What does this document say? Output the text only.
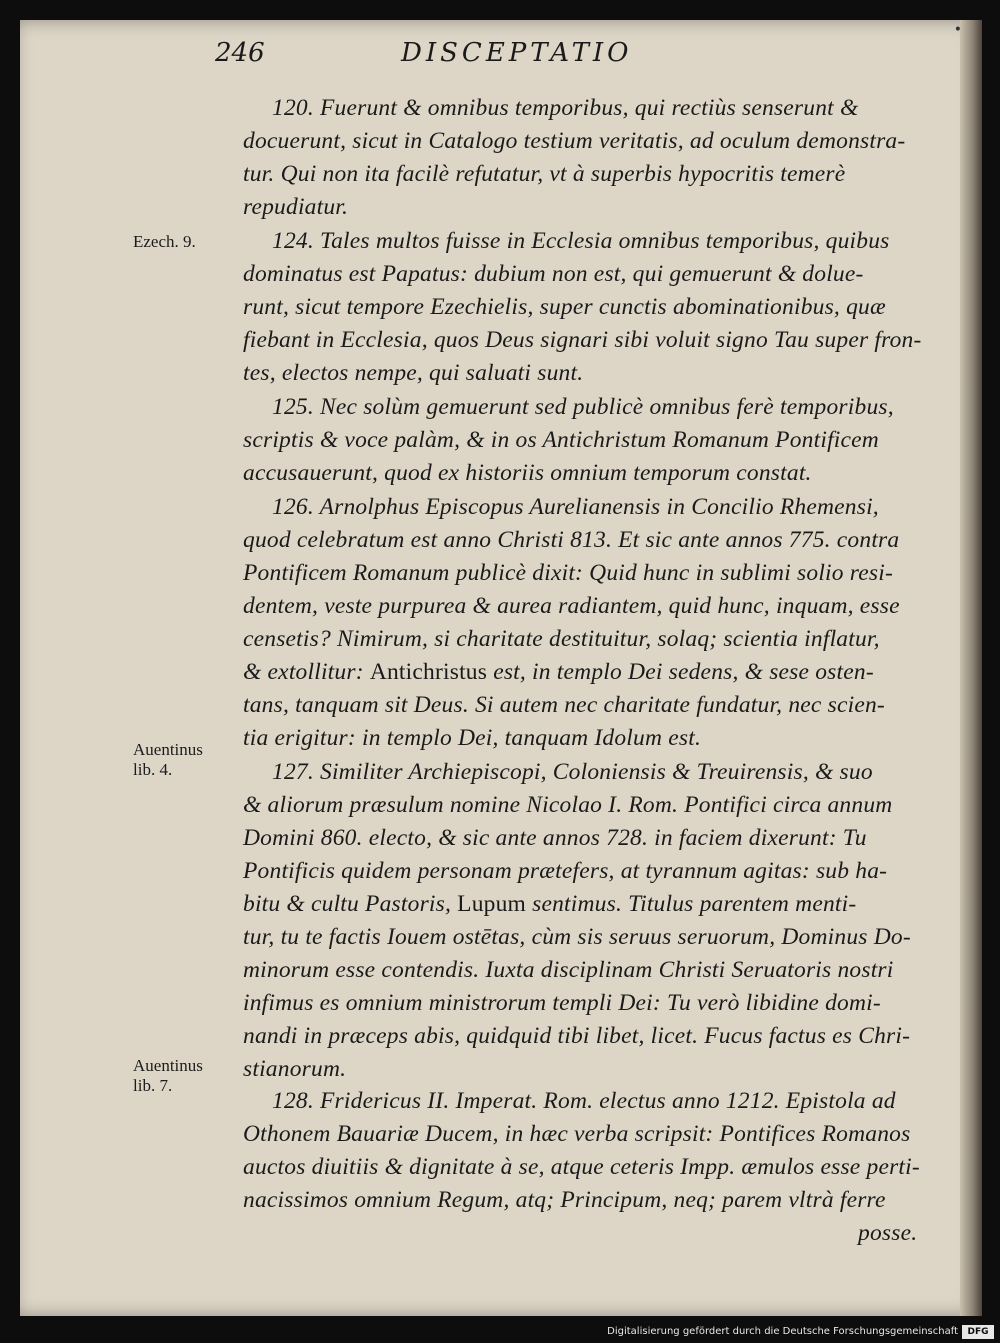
246	DISCEPTATIO
•
Ezech. 9.
Auentinus lib. 4.
Auentinus lib. 7.
120. Fuerunt & omnibus temporibus, qui rectiùs senserunt &
docuerunt, sicut in Catalogo testium veritatis, ad oculum demonstra-
tur. Qui non ita facilè refutatur, vt à superbis hypocritis temerè
repudiatur.
124. Tales multos fuisse in Ecclesia omnibus temporibus, quibus
dominatus est Papatus: dubium non est, qui gemuerunt & dolue-
runt, sicut tempore Ezechielis, super cunctis abominationibus, quæ
fiebant in Ecclesia, quos Deus signari sibi voluit signo Tau super fron-
tes, electos nempe, qui saluati sunt.
125. Nec solùm gemuerunt sed publicè omnibus ferè temporibus,
scriptis & voce palàm, & in os Antichristum Romanum Pontificem
accusauerunt, quod ex historiis omnium temporum constat.
126. Arnolphus Episcopus Aurelianensis in Concilio Rhemensi,
quod celebratum est anno Christi 813. Et sic ante annos 775. contra
Pontificem Romanum publicè dixit: Quid hunc in sublimi solio resi-
dentem, veste purpurea & aurea radiantem, quid hunc, inquam, esse
censetis? Nimirum, si charitate destituitur, solaq; scientia inflatur,
& extollitur: Antichristus est, in templo Dei sedens, & sese osten-
tans, tanquam sit Deus. Si autem nec charitate fundatur, nec scien-
tia erigitur: in templo Dei, tanquam Idolum est.
127. Similiter Archiepiscopi, Coloniensis & Treuirensis, & suo
& aliorum præsulum nomine Nicolao I. Rom. Pontifici circa annum
Domini 860. electo, & sic ante annos 728. in faciem dixerunt: Tu
Pontificis quidem personam prætefers, at tyrannum agitas: sub ha-
bitu & cultu Pastoris, Lupum sentimus. Titulus parentem menti-
tur, tu te factis Iouem ostētas, cùm sis seruus seruorum, Dominus Do-
minorum esse contendis. Iuxta disciplinam Christi Seruatoris nostri
infimus es omnium ministrorum templi Dei: Tu verò libidine domi-
nandi in præceps abis, quidquid tibi libet, licet. Fucus factus es Chri-
stianorum.
128. Fridericus II. Imperat. Rom. electus anno 1212. Epistola ad
Othonem Bauariæ Ducem, in hæc verba scripsit: Pontifices Romanos
auctos diuitiis & dignitate à se, atque ceteris Impp. æmulos esse perti-
nacissimos omnium Regum, atq; Principum, neq; parem vltrà ferre
posse.
Digitalisierung gefördert durch die Deutsche Forschungsgemeinschaft	DFG
